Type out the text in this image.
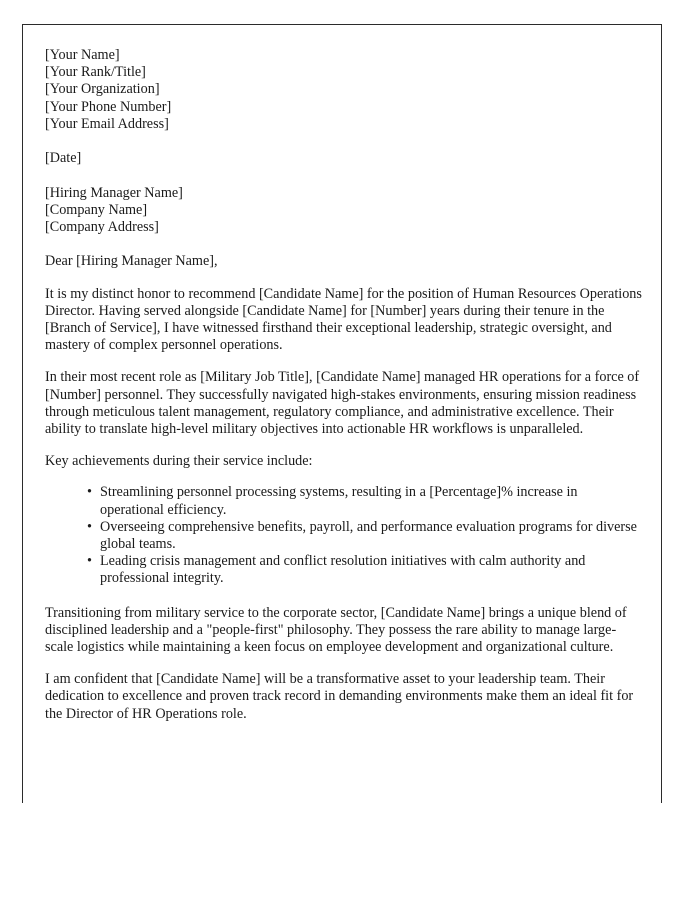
[Your Name]
[Your Rank/Title]
[Your Organization]
[Your Phone Number]
[Your Email Address]
[Date]
[Hiring Manager Name]
[Company Name]
[Company Address]

Dear [Hiring Manager Name],

It is my distinct honor to recommend [Candidate Name] for the position of Human Resources Operations Director. Having served alongside [Candidate Name] for [Number] years during their tenure in the [Branch of Service], I have witnessed firsthand their exceptional leadership, strategic oversight, and mastery of complex personnel operations.

In their most recent role as [Military Job Title], [Candidate Name] managed HR operations for a force of [Number] personnel. They successfully navigated high-stakes environments, ensuring mission readiness through meticulous talent management, regulatory compliance, and administrative excellence. Their ability to translate high-level military objectives into actionable HR workflows is unparalleled.

Key achievements during their service include:

• Streamlining personnel processing systems, resulting in a [Percentage]% increase in operational efficiency.
• Overseeing comprehensive benefits, payroll, and performance evaluation programs for diverse global teams.
• Leading crisis management and conflict resolution initiatives with calm authority and professional integrity.

Transitioning from military service to the corporate sector, [Candidate Name] brings a unique blend of disciplined leadership and a "people-first" philosophy. They possess the rare ability to manage large-scale logistics while maintaining a keen focus on employee development and organizational culture.

I am confident that [Candidate Name] will be a transformative asset to your leadership team. Their dedication to excellence and proven track record in demanding environments make them an ideal fit for the Director of HR Operations role.
